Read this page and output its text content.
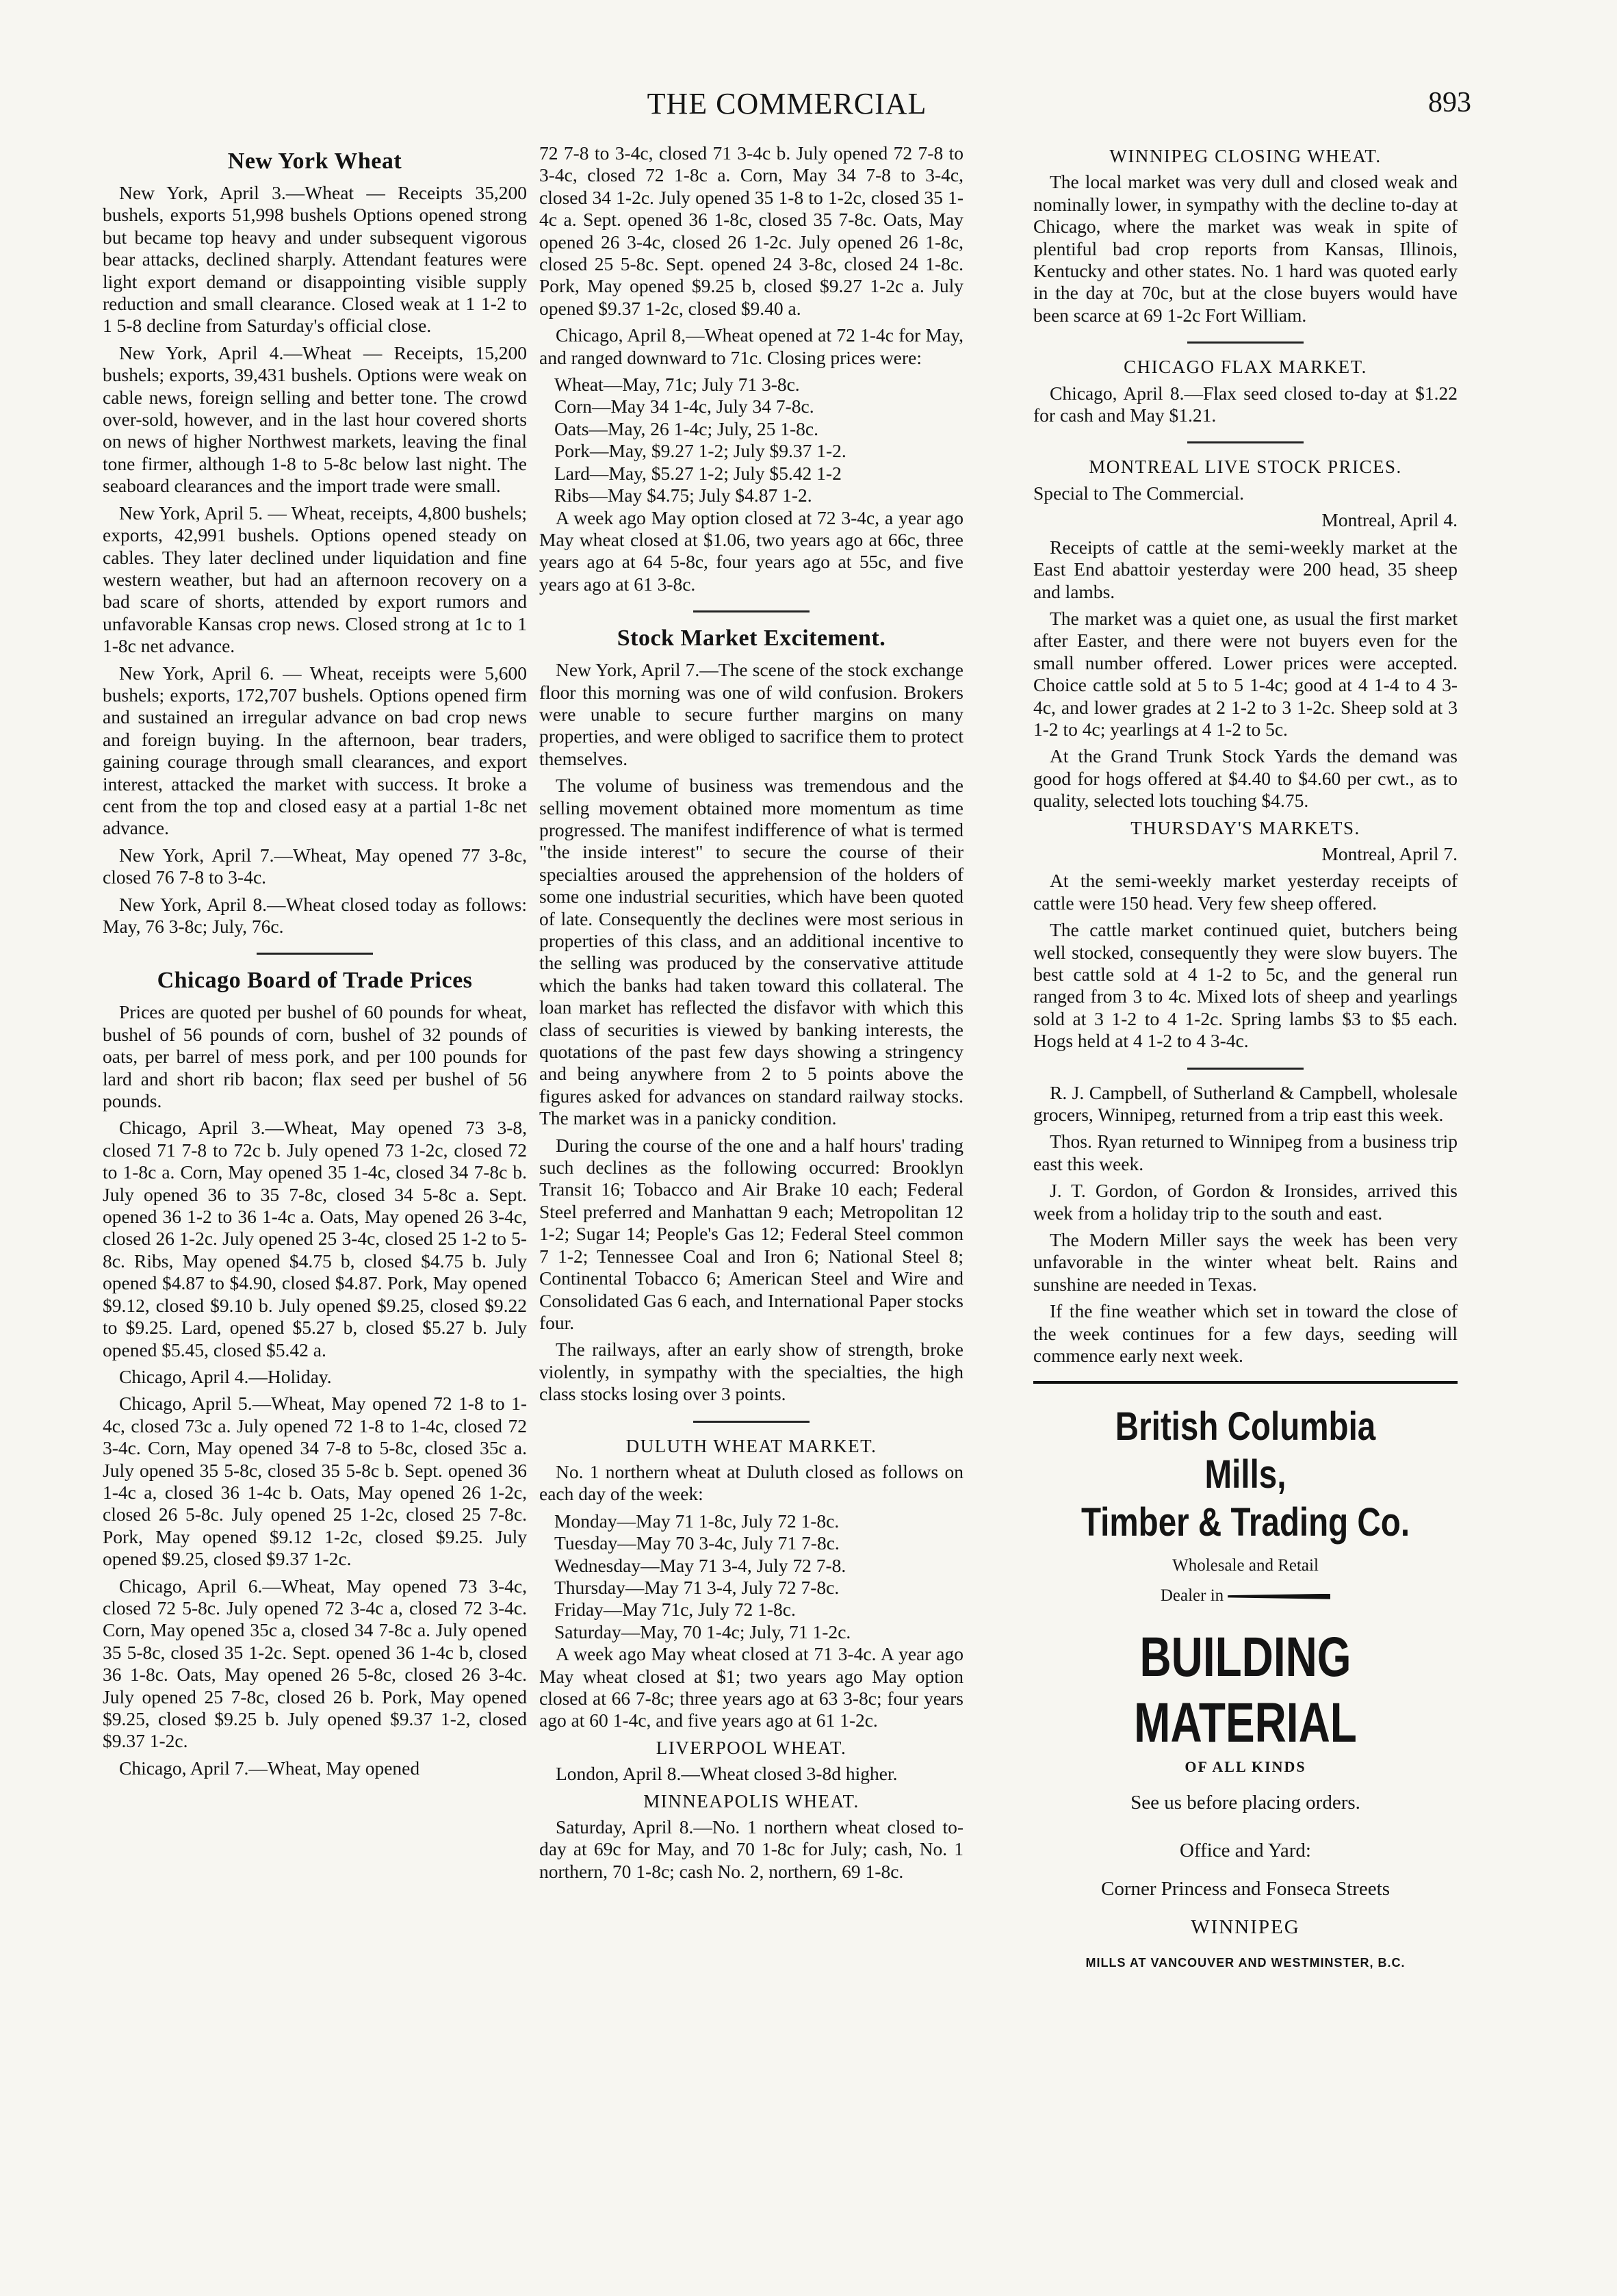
THE COMMERCIAL	893
New York Wheat

New York, April 3.—Wheat — Receipts 35,200 bushels, exports 51,998 bushels Options opened strong but became top heavy and under subsequent vigorous bear attacks, declined sharply. Attendant features were light export demand or disappointing visible supply reduction and small clearance. Closed weak at 1 1-2 to 1 5-8 decline from Saturday's official close.

New York, April 4.—Wheat — Receipts, 15,200 bushels; exports, 39,431 bushels. Options were weak on cable news, foreign selling and better tone. The crowd over-sold, however, and in the last hour covered shorts on news of higher Northwest markets, leaving the final tone firmer, although 1-8 to 5-8c below last night. The seaboard clearances and the import trade were small.

New York, April 5. — Wheat, receipts, 4,800 bushels; exports, 42,991 bushels. Options opened steady on cables. They later declined under liquidation and fine western weather, but had an afternoon recovery on a bad scare of shorts, attended by export rumors and unfavorable Kansas crop news. Closed strong at 1c to 1 1-8c net advance.

New York, April 6. — Wheat, receipts were 5,600 bushels; exports, 172,707 bushels. Options opened firm and sustained an irregular advance on bad crop news and foreign buying. In the afternoon, bear traders, gaining courage through small clearances, and export interest, attacked the market with success. It broke a cent from the top and closed easy at a partial 1-8c net advance.

New York, April 7.—Wheat, May opened 77 3-8c, closed 76 7-8 to 3-4c.

New York, April 8.—Wheat closed today as follows: May, 76 3-8c; July, 76c.

Chicago Board of Trade Prices

Prices are quoted per bushel of 60 pounds for wheat, bushel of 56 pounds of corn, bushel of 32 pounds of oats, per barrel of mess pork, and per 100 pounds for lard and short rib bacon; flax seed per bushel of 56 pounds.

Chicago, April 3.—Wheat, May opened 73 3-8, closed 71 7-8 to 72c b. July opened 73 1-2c, closed 72 to 1-8c a. Corn, May opened 35 1-4c, closed 34 7-8c b. July opened 36 to 35 7-8c, closed 34 5-8c a. Sept. opened 36 1-2 to 36 1-4c a. Oats, May opened 26 3-4c, closed 26 1-2c. July opened 25 3-4c, closed 25 1-2 to 5-8c. Ribs, May opened $4.75 b, closed $4.75 b. July opened $4.87 to $4.90, closed $4.87. Pork, May opened $9.12, closed $9.10 b. July opened $9.25, closed $9.22 to $9.25. Lard, opened $5.27 b, closed $5.27 b. July opened $5.45, closed $5.42 a.

Chicago, April 4.—Holiday.

Chicago, April 5.—Wheat, May opened 72 1-8 to 1-4c, closed 73c a. July opened 72 1-8 to 1-4c, closed 72 3-4c. Corn, May opened 34 7-8 to 5-8c, closed 35c a. July opened 35 5-8c, closed 35 5-8c b. Sept. opened 36 1-4c a, closed 36 1-4c b. Oats, May opened 26 1-2c, closed 26 5-8c. July opened 25 1-2c, closed 25 7-8c. Pork, May opened $9.12 1-2c, closed $9.25. July opened $9.25, closed $9.37 1-2c.

Chicago, April 6.—Wheat, May opened 73 3-4c, closed 72 5-8c. July opened 72 3-4c a, closed 72 3-4c. Corn, May opened 35c a, closed 34 7-8c a. July opened 35 5-8c, closed 35 1-2c. Sept. opened 36 1-4c b, closed 36 1-8c. Oats, May opened 26 5-8c, closed 26 3-4c. July opened 25 7-8c, closed 26 b. Pork, May opened $9.25, closed $9.25 b. July opened $9.37 1-2, closed $9.37 1-2c.

Chicago, April 7.—Wheat, May opened

72 7-8 to 3-4c, closed 71 3-4c b. July opened 72 7-8 to 3-4c, closed 72 1-8c a. Corn, May 34 7-8 to 3-4c, closed 34 1-2c. July opened 35 1-8 to 1-2c, closed 35 1-4c a. Sept. opened 36 1-8c, closed 35 7-8c. Oats, May opened 26 3-4c, closed 26 1-2c. July opened 26 1-8c, closed 25 5-8c. Sept. opened 24 3-8c, closed 24 1-8c. Pork, May opened $9.25 b, closed $9.27 1-2c a. July opened $9.37 1-2c, closed $9.40 a.

Chicago, April 8,—Wheat opened at 72 1-4c for May, and ranged downward to 71c. Closing prices were:

Wheat—May, 71c; July 71 3-8c.
Corn—May 34 1-4c, July 34 7-8c.
Oats—May, 26 1-4c; July, 25 1-8c.
Pork—May, $9.27 1-2; July $9.37 1-2.
Lard—May, $5.27 1-2; July $5.42 1-2
Ribs—May $4.75; July $4.87 1-2.

A week ago May option closed at 72 3-4c, a year ago May wheat closed at $1.06, two years ago at 66c, three years ago at 64 5-8c, four years ago at 55c, and five years ago at 61 3-8c.

Stock Market Excitement.

New York, April 7.—The scene of the stock exchange floor this morning was one of wild confusion. Brokers were unable to secure further margins on many properties, and were obliged to sacrifice them to protect themselves.

The volume of business was tremendous and the selling movement obtained more momentum as time progressed. The manifest indifference of what is termed "the inside interest" to secure the course of their specialties aroused the apprehension of the holders of some one industrial securities, which have been quoted of late. Consequently the declines were most serious in properties of this class, and an additional incentive to the selling was produced by the conservative attitude which the banks had taken toward this collateral. The loan market has reflected the disfavor with which this class of securities is viewed by banking interests, the quotations of the past few days showing a stringency and being anywhere from 2 to 5 points above the figures asked for advances on standard railway stocks. The market was in a panicky condition.

During the course of the one and a half hours' trading such declines as the following occurred: Brooklyn Transit 16; Tobacco and Air Brake 10 each; Federal Steel preferred and Manhattan 9 each; Metropolitan 12 1-2; Sugar 14; People's Gas 12; Federal Steel common 7 1-2; Tennessee Coal and Iron 6; National Steel 8; Continental Tobacco 6; American Steel and Wire and Consolidated Gas 6 each, and International Paper stocks four.

The railways, after an early show of strength, broke violently, in sympathy with the specialties, the high class stocks losing over 3 points.

DULUTH WHEAT MARKET.

No. 1 northern wheat at Duluth closed as follows on each day of the week:

Monday—May 71 1-8c, July 72 1-8c.
Tuesday—May 70 3-4c, July 71 7-8c.
Wednesday—May 71 3-4, July 72 7-8.
Thursday—May 71 3-4, July 72 7-8c.
Friday—May 71c, July 72 1-8c.
Saturday—May, 70 1-4c; July, 71 1-2c.

A week ago May wheat closed at 71 3-4c. A year ago May wheat closed at $1; two years ago May option closed at 66 7-8c; three years ago at 63 3-8c; four years ago at 60 1-4c, and five years ago at 61 1-2c.

LIVERPOOL WHEAT.

London, April 8.—Wheat closed 3-8d higher.

MINNEAPOLIS WHEAT.

Saturday, April 8.—No. 1 northern wheat closed to-day at 69c for May, and 70 1-8c for July; cash, No. 1 northern, 70 1-8c; cash No. 2, northern, 69 1-8c.

WINNIPEG CLOSING WHEAT.

The local market was very dull and closed weak and nominally lower, in sympathy with the decline to-day at Chicago, where the market was weak in spite of plentiful bad crop reports from Kansas, Illinois, Kentucky and other states. No. 1 hard was quoted early in the day at 70c, but at the close buyers would have been scarce at 69 1-2c Fort William.

CHICAGO FLAX MARKET.

Chicago, April 8.—Flax seed closed to-day at $1.22 for cash and May $1.21.

MONTREAL LIVE STOCK PRICES.

Special to The Commercial.

Montreal, April 4.

Receipts of cattle at the semi-weekly market at the East End abattoir yesterday were 200 head, 35 sheep and lambs.

The market was a quiet one, as usual the first market after Easter, and there were not buyers even for the small number offered. Lower prices were accepted. Choice cattle sold at 5 to 5 1-4c; good at 4 1-4 to 4 3-4c, and lower grades at 2 1-2 to 3 1-2c. Sheep sold at 3 1-2 to 4c; yearlings at 4 1-2 to 5c.

At the Grand Trunk Stock Yards the demand was good for hogs offered at $4.40 to $4.60 per cwt., as to quality, selected lots touching $4.75.

THURSDAY'S MARKETS.

Montreal, April 7.

At the semi-weekly market yesterday receipts of cattle were 150 head. Very few sheep offered.

The cattle market continued quiet, butchers being well stocked, consequently they were slow buyers. The best cattle sold at 4 1-2 to 5c, and the general run ranged from 3 to 4c. Mixed lots of sheep and yearlings sold at 3 1-2 to 4 1-2c. Spring lambs $3 to $5 each. Hogs held at 4 1-2 to 4 3-4c.

R. J. Campbell, of Sutherland & Campbell, wholesale grocers, Winnipeg, returned from a trip east this week.

Thos. Ryan returned to Winnipeg from a business trip east this week.

J. T. Gordon, of Gordon & Ironsides, arrived this week from a holiday trip to the south and east.

The Modern Miller says the week has been very unfavorable in the winter wheat belt. Rains and sunshine are needed in Texas.

If the fine weather which set in toward the close of the week continues for a few days, seeding will commence early next week.

British Columbia Mills,
Timber & Trading Co.
Wholesale and Retail
Dealer in
BUILDING MATERIAL
OF ALL KINDS
See us before placing orders.
Office and Yard:
Corner Princess and Fonseca Streets
WINNIPEG
MILLS AT VANCOUVER AND WESTMINSTER, B.C.
